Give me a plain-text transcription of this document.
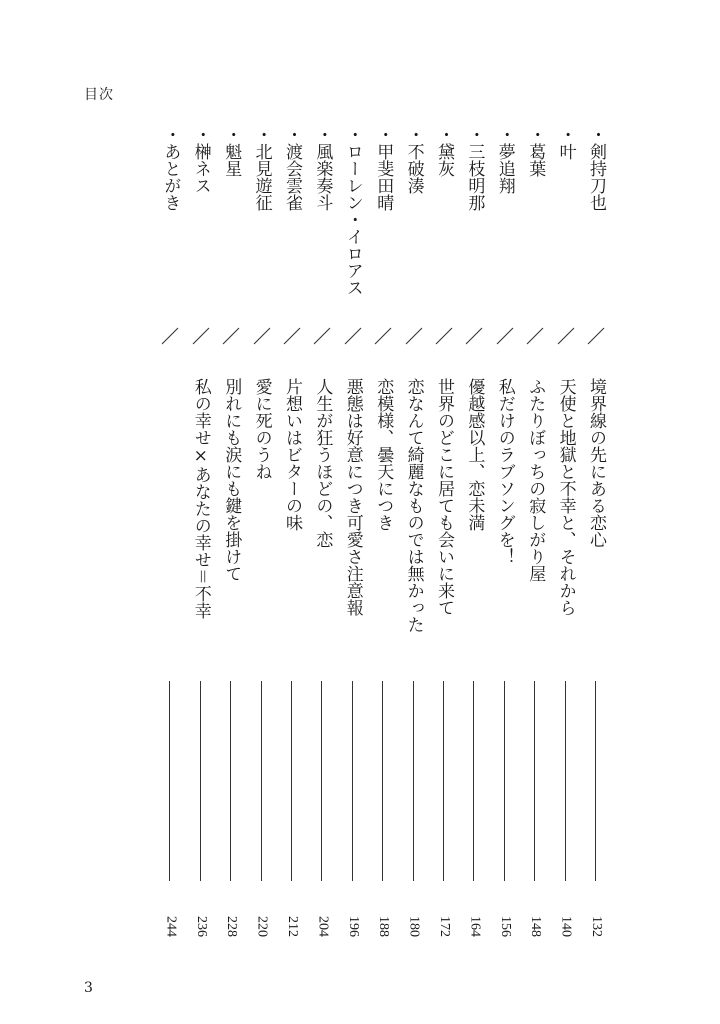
目次
・剣持刀也
境界線の先にある恋心
132
・叶
天使と地獄と不幸と、それから
140
・葛葉
ふたりぼっちの寂しがり屋
148
・夢追翔
私だけのラブソングを！
156
・三枝明那
優越感以上、恋未満
164
・黛灰
世界のどこに居ても会いに来て
172
・不破湊
恋なんて綺麗なものでは無かった
180
・甲斐田晴
恋模様、曇天につき
188
・ローレン・イロアス
悪態は好意につき可愛さ注意報
196
・風楽奏斗
人生が狂うほどの、恋
204
・渡会雲雀
片想いはビターの味
212
・北見遊征
愛に死のうね
220
・魁星
別れにも涙にも鍵を掛けて
228
・榊ネス
私の幸せ×あなたの幸せ＝不幸
236
・あとがき
244
3
